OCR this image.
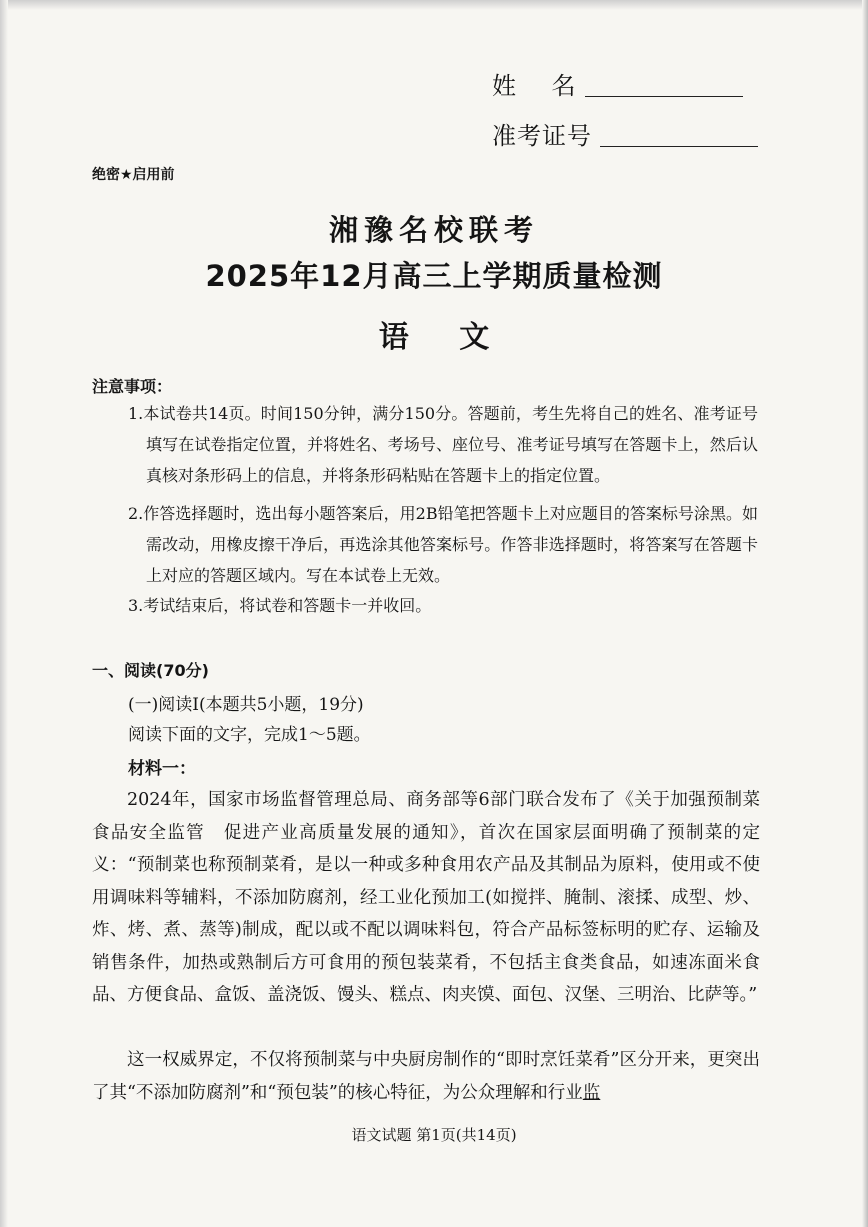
姓    名
准考证号
绝密★启用前
湘豫名校联考
2025年12月高三上学期质量检测
语 文
注意事项：
1.本试卷共14页。时间150分钟，满分150分。答题前，考生先将自己的姓名、准考证号填写在试卷指定位置，并将姓名、考场号、座位号、准考证号填写在答题卡上，然后认真核对条形码上的信息，并将条形码粘贴在答题卡上的指定位置。
2.作答选择题时，选出每小题答案后，用2B铅笔把答题卡上对应题目的答案标号涂黑。如需改动，用橡皮擦干净后，再选涂其他答案标号。作答非选择题时，将答案写在答题卡上对应的答题区域内。写在本试卷上无效。
3.考试结束后，将试卷和答题卡一并收回。
一、阅读(70分)
(一)阅读Ⅰ(本题共5小题，19分)
阅读下面的文字，完成1～5题。
材料一：
2024年，国家市场监督管理总局、商务部等6部门联合发布了《关于加强预制菜食品安全监管　促进产业高质量发展的通知》，首次在国家层面明确了预制菜的定义：“预制菜也称预制菜肴，是以一种或多种食用农产品及其制品为原料，使用或不使用调味料等辅料，不添加防腐剂，经工业化预加工(如搅拌、腌制、滚揉、成型、炒、炸、烤、煮、蒸等)制成，配以或不配以调味料包，符合产品标签标明的贮存、运输及销售条件，加热或熟制后方可食用的预包装菜肴，不包括主食类食品，如速冻面米食品、方便食品、盒饭、盖浇饭、馒头、糕点、肉夹馍、面包、汉堡、三明治、比萨等。”
这一权威界定，不仅将预制菜与中央厨房制作的“即时烹饪菜肴”区分开来，更突出了其“不添加防腐剂”和“预包装”的核心特征，为公众理解和行业监
语文试题 第1页(共14页)
